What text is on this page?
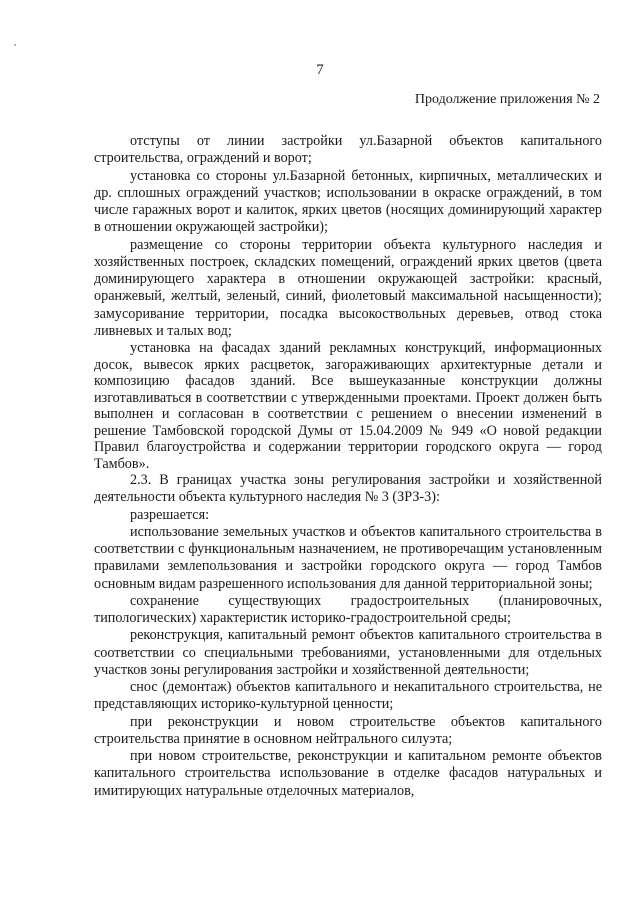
7
Продолжение приложения № 2

отступы от линии застройки ул.Базарной объектов капитального строительства, ограждений и ворот;

установка со стороны ул.Базарной бетонных, кирпичных, металлических и др. сплошных ограждений участков; использовании в окраске ограждений, в том числе гаражных ворот и калиток, ярких цветов (носящих доминирующий характер в отношении окружающей застройки);

размещение со стороны территории объекта культурного наследия и хозяйственных построек, складских помещений, ограждений ярких цветов (цвета доминирующего характера в отношении окружающей застройки: красный, оранжевый, желтый, зеленый, синий, фиолетовый максимальной насыщенности); замусоривание территории, посадка высокоствольных деревьев, отвод стока ливневых и талых вод;

установка на фасадах зданий рекламных конструкций, информационных досок, вывесок ярких расцветок, загораживающих архитектурные детали и композицию фасадов зданий. Все вышеуказанные конструкции должны изготавливаться в соответствии с утвержденными проектами. Проект должен быть выполнен и согласован в соответствии с решением о внесении изменений в решение Тамбовской городской Думы от 15.04.2009 № 949 «О новой редакции Правил благоустройства и содержании территории городского округа — город Тамбов».

2.3. В границах участка зоны регулирования застройки и хозяйственной деятельности объекта культурного наследия № 3 (ЗРЗ-3):

разрешается:

использование земельных участков и объектов капитального строительства в соответствии с функциональным назначением, не противоречащим установленным правилами землепользования и застройки городского округа — город Тамбов основным видам разрешенного использования для данной территориальной зоны;

сохранение существующих градостроительных (планировочных, типологических) характеристик историко-градостроительной среды;

реконструкция, капитальный ремонт объектов капитального строительства в соответствии со специальными требованиями, установленными для отдельных участков зоны регулирования застройки и хозяйственной деятельности;

снос (демонтаж) объектов капитального и некапитального строительства, не представляющих историко-культурной ценности;

при реконструкции и новом строительстве объектов капитального строительства принятие в основном нейтрального силуэта;

при новом строительстве, реконструкции и капитальном ремонте объектов капитального строительства использование в отделке фасадов натуральных и имитирующих натуральные отделочных материалов,
